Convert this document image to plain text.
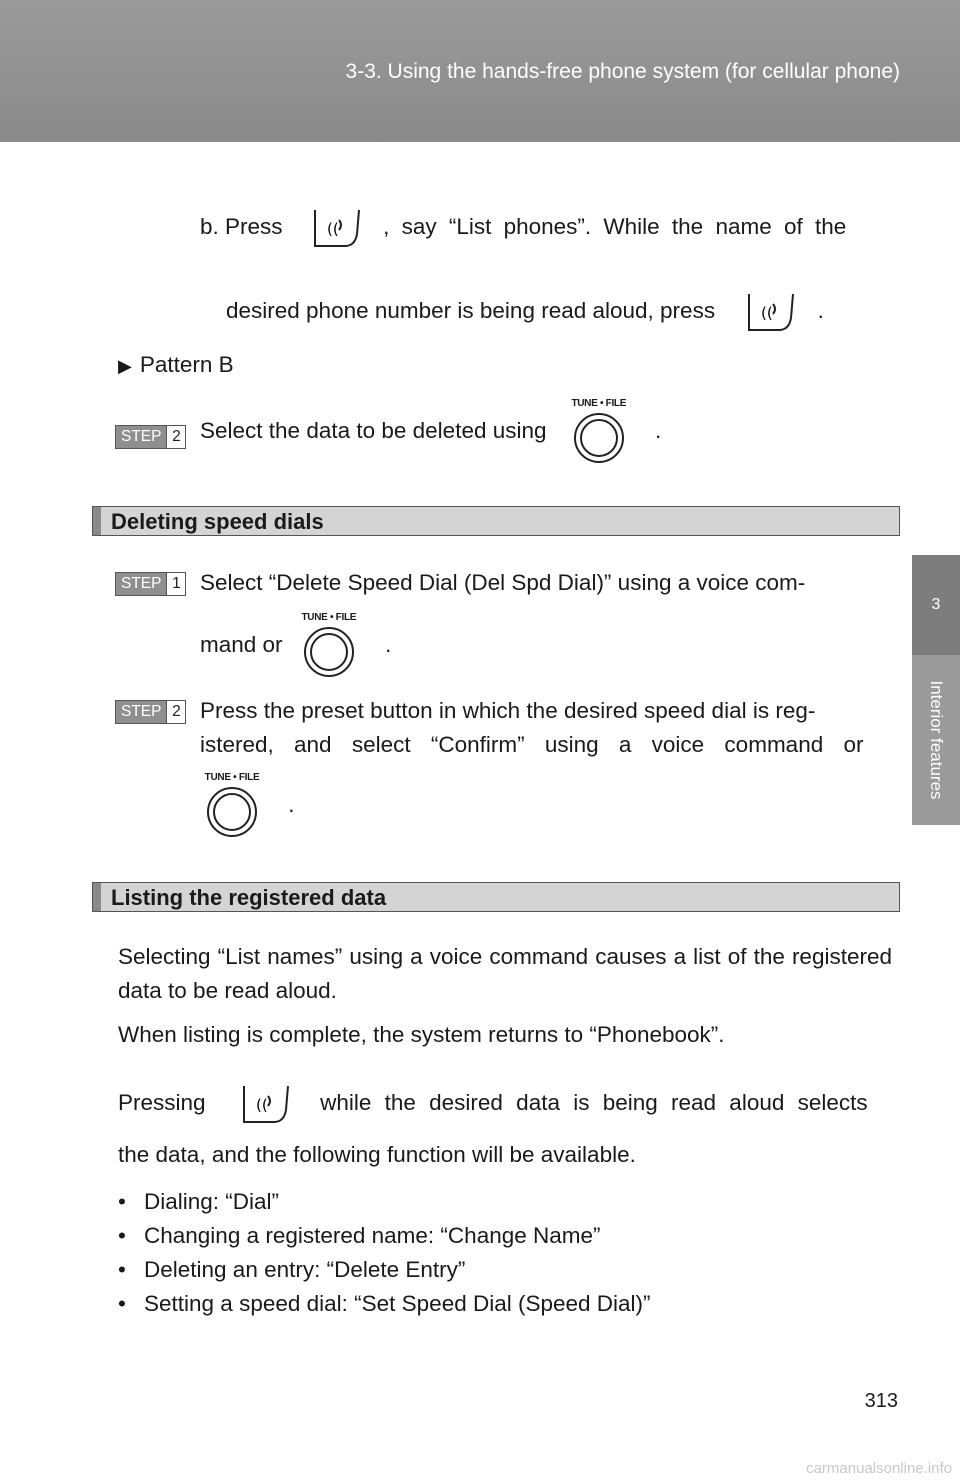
3-3. Using the hands-free phone system (for cellular phone)
3
Interior features
b. Press	(( , say “List phones”. While the name of the
desired phone number is being read aloud, press	(( .
▶ Pattern B
STEP 2 Select the data to be deleted using
TUNE • FILE
.
Deleting speed dials
STEP 1 Select “Delete Speed Dial (Del Spd Dial)” using a voice com-
mand or
TUNE • FILE
.
STEP 2 Press the preset button in which the desired speed dial is reg-
istered, and select “Confirm” using a voice command or
TUNE • FILE
.
Listing the registered data
Selecting “List names” using a voice command causes a list of the registered data to be read aloud.
When listing is complete, the system returns to “Phonebook”.
Pressing	(( while the desired data is being read aloud selects
the data, and the following function will be available.
• Dialing: “Dial”
• Changing a registered name: “Change Name”
• Deleting an entry: “Delete Entry”
• Setting a speed dial: “Set Speed Dial (Speed Dial)”
313
carmanualsonline.info
